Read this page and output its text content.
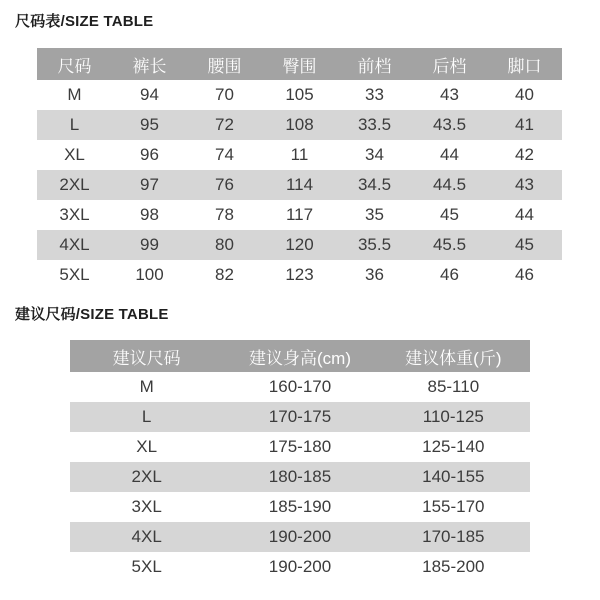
尺码表/SIZE TABLE
尺码	裤长	腰围	臀围	前档	后档	脚口
M	94	70	105	33	43	40
L	95	72	108	33.5	43.5	41
XL	96	74	11	34	44	42
2XL	97	76	114	34.5	44.5	43
3XL	98	78	117	35	45	44
4XL	99	80	120	35.5	45.5	45
5XL	100	82	123	36	46	46
建议尺码/SIZE TABLE
建议尺码	建议身高(cm)	建议体重(斤)
M	160-170	85-110
L	170-175	110-125
XL	175-180	125-140
2XL	180-185	140-155
3XL	185-190	155-170
4XL	190-200	170-185
5XL	190-200	185-200
